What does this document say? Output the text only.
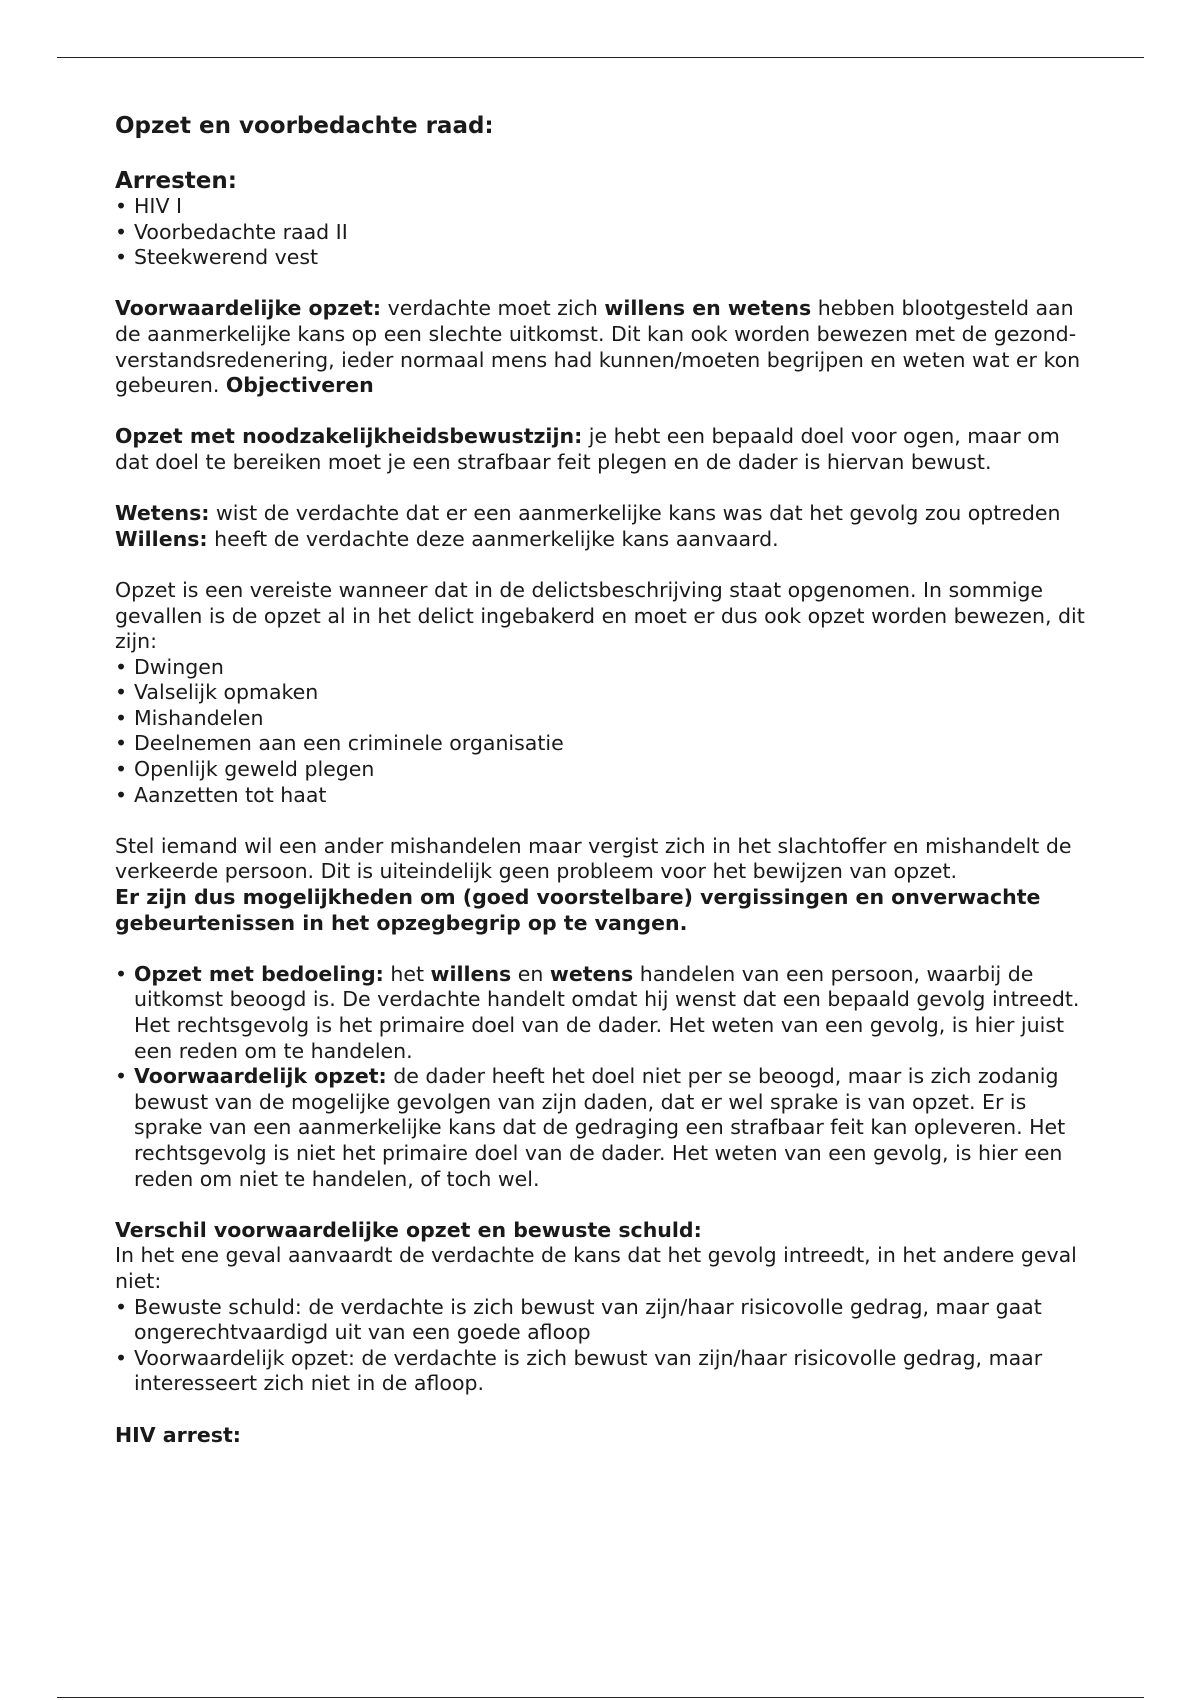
Opzet en voorbedachte raad:
Arresten:
• HIV I
• Voorbedachte raad II
• Steekwerend vest

Voorwaardelijke opzet: verdachte moet zich willens en wetens hebben blootgesteld aan de aanmerkelijke kans op een slechte uitkomst. Dit kan ook worden bewezen met de gezond-verstandsredenering, ieder normaal mens had kunnen/moeten begrijpen en weten wat er kon gebeuren. Objectiveren

Opzet met noodzakelijkheidsbewustzijn: je hebt een bepaald doel voor ogen, maar om dat doel te bereiken moet je een strafbaar feit plegen en de dader is hiervan bewust.

Wetens: wist de verdachte dat er een aanmerkelijke kans was dat het gevolg zou optreden

Willens: heeft de verdachte deze aanmerkelijke kans aanvaard.

Opzet is een vereiste wanneer dat in de delictsbeschrijving staat opgenomen. In sommige gevallen is de opzet al in het delict ingebakerd en moet er dus ook opzet worden bewezen, dit zijn:

• Dwingen
• Valselijk opmaken
• Mishandelen
• Deelnemen aan een criminele organisatie
• Openlijk geweld plegen
• Aanzetten tot haat

Stel iemand wil een ander mishandelen maar vergist zich in het slachtoffer en mishandelt de verkeerde persoon. Dit is uiteindelijk geen probleem voor het bewijzen van opzet.

Er zijn dus mogelijkheden om (goed voorstelbare) vergissingen en onverwachte gebeurtenissen in het opzegbegrip op te vangen.

• Opzet met bedoeling: het willens en wetens handelen van een persoon, waarbij de uitkomst beoogd is. De verdachte handelt omdat hij wenst dat een bepaald gevolg intreedt. Het rechtsgevolg is het primaire doel van de dader. Het weten van een gevolg, is hier juist een reden om te handelen.
• Voorwaardelijk opzet: de dader heeft het doel niet per se beoogd, maar is zich zodanig bewust van de mogelijke gevolgen van zijn daden, dat er wel sprake is van opzet. Er is sprake van een aanmerkelijke kans dat de gedraging een strafbaar feit kan opleveren. Het rechtsgevolg is niet het primaire doel van de dader. Het weten van een gevolg, is hier een reden om niet te handelen, of toch wel.

Verschil voorwaardelijke opzet en bewuste schuld:

In het ene geval aanvaardt de verdachte de kans dat het gevolg intreedt, in het andere geval niet:

• Bewuste schuld: de verdachte is zich bewust van zijn/haar risicovolle gedrag, maar gaat ongerechtvaardigd uit van een goede afloop
• Voorwaardelijk opzet: de verdachte is zich bewust van zijn/haar risicovolle gedrag, maar interesseert zich niet in de afloop.

HIV arrest:
